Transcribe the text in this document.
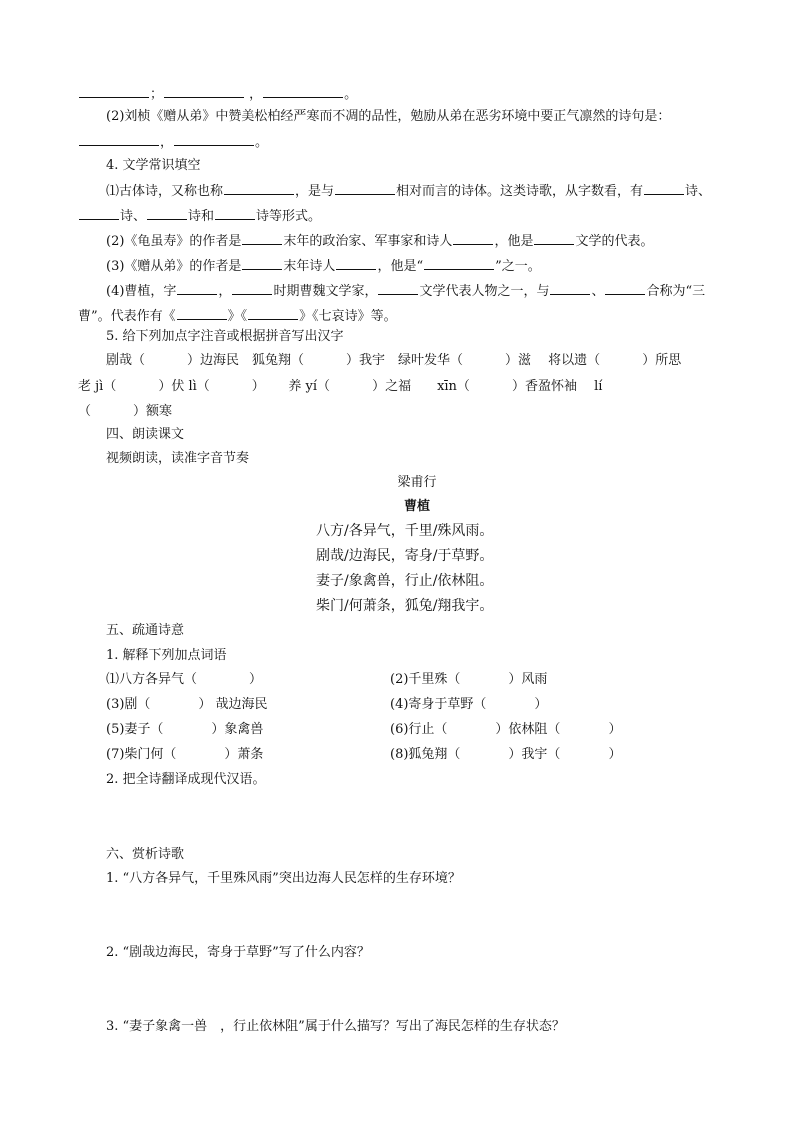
；	，	。
(2)刘桢《赠从弟》中赞美松柏经严寒而不凋的品性，勉励从弟在恶劣环境中要正气凛然的诗句是：
，	。
4. 文学常识填空
⑴古体诗，又称也称	，是与	相对而言的诗体。这类诗歌，从字数看，有	诗、
诗、	诗和	诗等形式。
(2)《龟虽寿》的作者是	末年的政治家、军事家和诗人	，他是	文学的代表。
(3)《赠从弟》的作者是	末年诗人	，他是“	”之一。
(4)曹植，字	，	时期曹魏文学家，	文学代表人物之一，与	、	合称为“三
曹”。代表作有《	》《	》《七哀诗》等。
5. 给下列加点字注音或根据拼音写出汉字
剧哉（	）边海民　狐兔翔（	）我宇　绿叶发华（	）滋　 将以遗（	）所思
老 jì（	）伏 lì（	）　　 养 yí（	）之福　　xīn（	）香盈怀袖　 lí
（	）额寒
四、朗读课文
视频朗读，读准字音节奏
梁甫行
曹植
八方/各异气，千里/殊风雨。
剧哉/边海民，寄身/于草野。
妻子/象禽兽，行止/依林阻。
柴门/何萧条，狐兔/翔我宇。
五、疏通诗意
1. 解释下列加点词语
⑴八方各异气（	）	(2)千里殊（	）风雨
(3)剧（	） 哉边海民	(4)寄身于草野（	）
(5)妻子（	）象禽兽	(6)行止（	）依林阻（	）
(7)柴门何（	）萧条	(8)狐兔翔（	）我宇（	）
2. 把全诗翻译成现代汉语。
六、赏析诗歌
1. “八方各异气，千里殊风雨”突出边海人民怎样的生存环境？
2. “剧哉边海民，寄身于草野”写了什么内容？
3. “妻子象禽一兽　，行止依林阻”属于什么描写？写出了海民怎样的生存状态？
